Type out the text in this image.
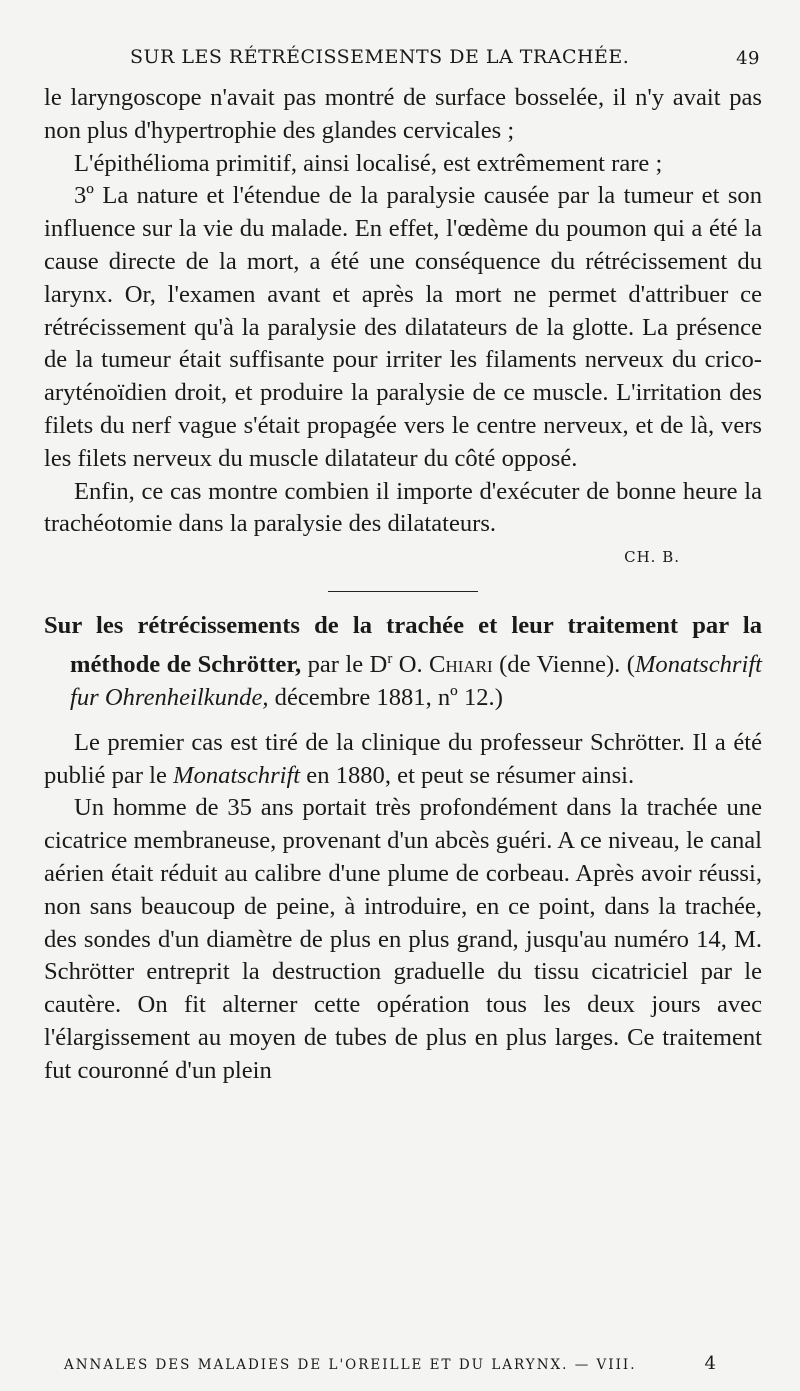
SUR LES RÉTRÉCISSEMENTS DE LA TRACHÉE.	49

le laryngoscope n'avait pas montré de surface bosselée, il n'y avait pas non plus d'hypertrophie des glandes cervicales ;

L'épithélioma primitif, ainsi localisé, est extrêmement rare ;

3º La nature et l'étendue de la paralysie causée par la tumeur et son influence sur la vie du malade. En effet, l'œdème du poumon qui a été la cause directe de la mort, a été une conséquence du rétrécissement du larynx. Or, l'examen avant et après la mort ne permet d'attribuer ce rétrécissement qu'à la paralysie des dilatateurs de la glotte. La présence de la tumeur était suffisante pour irriter les filaments nerveux du crico-aryténoïdien droit, et produire la paralysie de ce muscle. L'irritation des filets du nerf vague s'était propagée vers le centre nerveux, et de là, vers les filets nerveux du muscle dilatateur du côté opposé.

Enfin, ce cas montre combien il importe d'exécuter de bonne heure la trachéotomie dans la paralysie des dilatateurs.

CH. B.

Sur les rétrécissements de la trachée et leur traitement par la méthode de Schrötter, par le $D^r$ O. Chiari (de Vienne). (Monatschrift fur Ohrenheilkunde, décembre 1881, nº 12.)

Le premier cas est tiré de la clinique du professeur Schrötter. Il a été publié par le Monatschrift en 1880, et peut se résumer ainsi.

Un homme de 35 ans portait très profondément dans la trachée une cicatrice membraneuse, provenant d'un abcès guéri. A ce niveau, le canal aérien était réduit au calibre d'une plume de corbeau. Après avoir réussi, non sans beaucoup de peine, à introduire, en ce point, dans la trachée, des sondes d'un diamètre de plus en plus grand, jusqu'au numéro 14, M. Schrötter entreprit la destruction graduelle du tissu cicatriciel par le cautère. On fit alterner cette opération tous les deux jours avec l'élargissement au moyen de tubes de plus en plus larges. Ce traitement fut couronné d'un plein

ANNALES DES MALADIES DE L'OREILLE ET DU LARYNX. — VIII.	4
